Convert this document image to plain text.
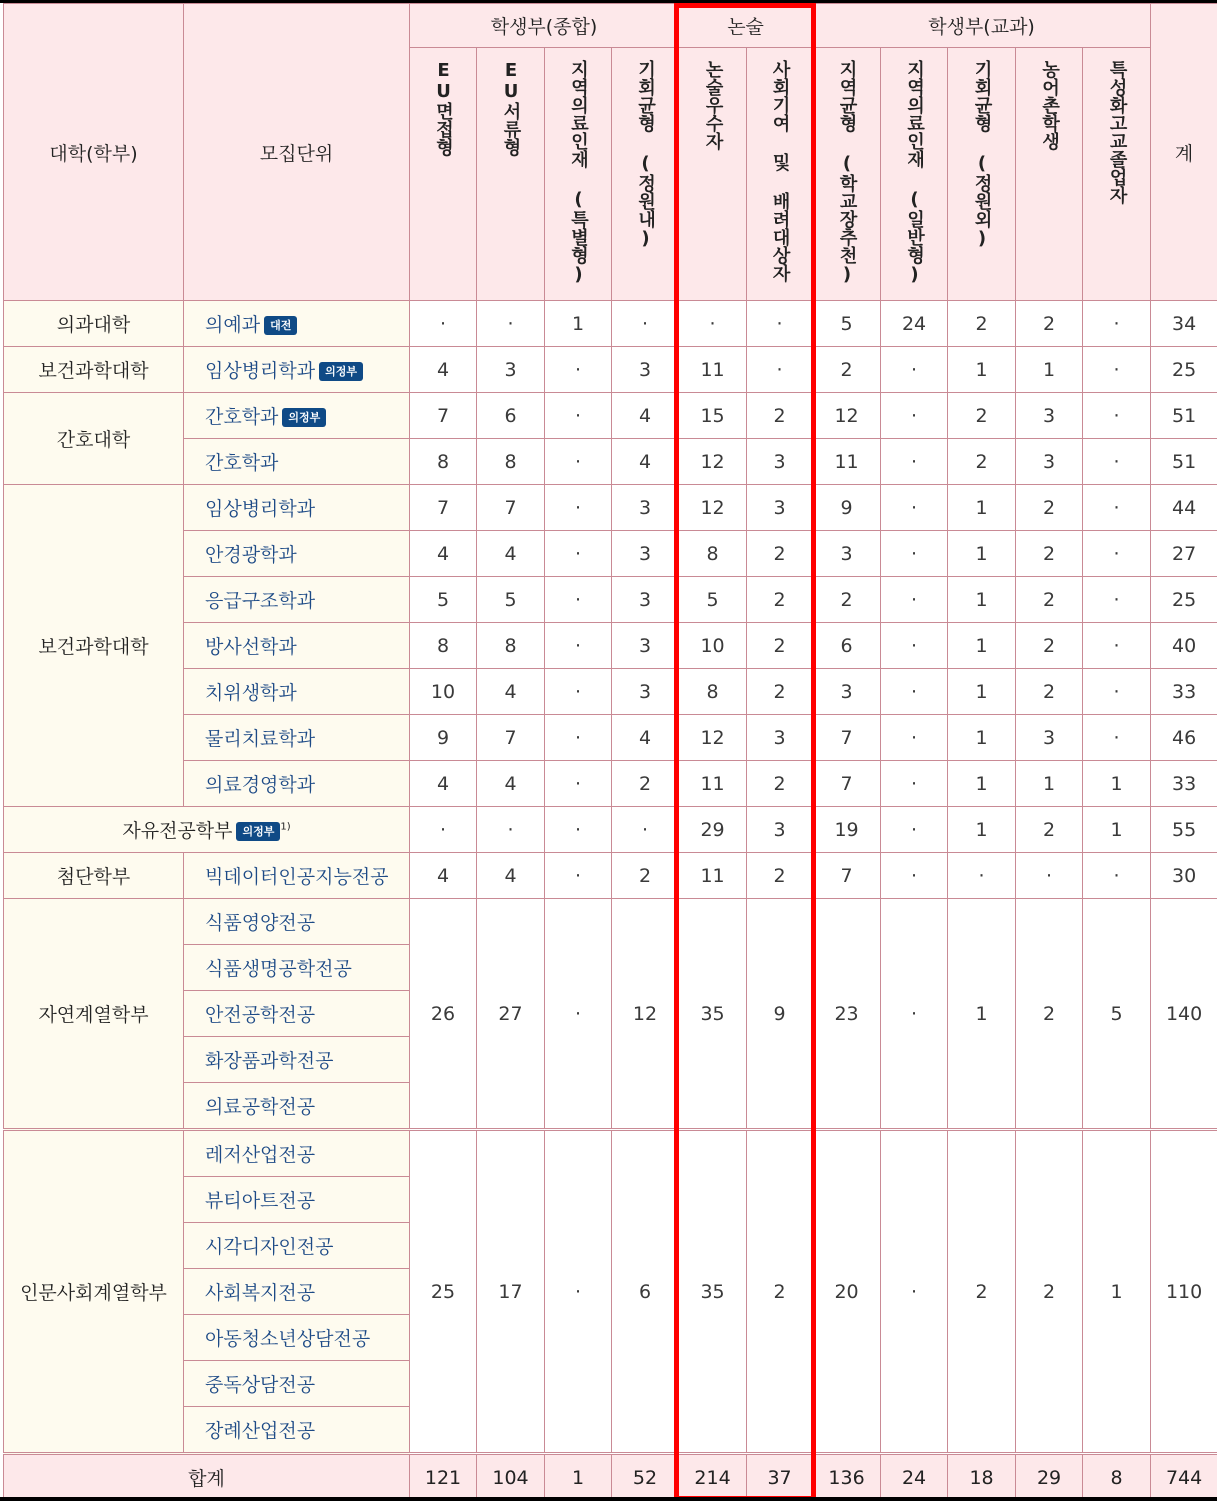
대학(학부)	모집단위	학생부(종합)				논술		학생부(교과)					계
		EU면접형	EU서류형	지역의료인재 (특별형)	기회균형 (정원내)	논술우수자	사회기여 및 배려대상자	지역균형 (학교장추천)	지역의료인재 (일반형)	기회균형 (정원외)	농어촌학생	특성화고교졸업자	
의과대학	의예과 대전	·	·	1	·	·	·	5	24	2	2	·	34
보건과학대학	임상병리학과 의정부	4	3	·	3	11	·	2	·	1	1	·	25
간호대학	간호학과 의정부	7	6	·	4	15	2	12	·	2	3	·	51
	간호학과	8	8	·	4	12	3	11	·	2	3	·	51
보건과학대학	임상병리학과	7	7	·	3	12	3	9	·	1	2	·	44
	안경광학과	4	4	·	3	8	2	3	·	1	2	·	27
	응급구조학과	5	5	·	3	5	2	2	·	1	2	·	25
	방사선학과	8	8	·	3	10	2	6	·	1	2	·	40
	치위생학과	10	4	·	3	8	2	3	·	1	2	·	33
	물리치료학과	9	7	·	4	12	3	7	·	1	3	·	46
	의료경영학과	4	4	·	2	11	2	7	·	1	1	1	33
자유전공학부 의정부 $^{1)}$		·	·	·	·	29	3	19	·	1	2	1	55
첨단학부	빅데이터인공지능전공	4	4	·	2	11	2	7	·	·	·	·	30
자연계열학부	식품영양전공	26	27	·	12	35	9	23	·	1	2	5	140
	식품생명공학전공												
	안전공학전공												
	화장품과학전공												
	의료공학전공												
인문사회계열학부	레저산업전공	25	17	·	6	35	2	20	·	2	2	1	110
	뷰티아트전공												
	시각디자인전공												
	사회복지전공												
	아동청소년상담전공												
	중독상담전공												
	장례산업전공												
합계		121	104	1	52	214	37	136	24	18	29	8	744
